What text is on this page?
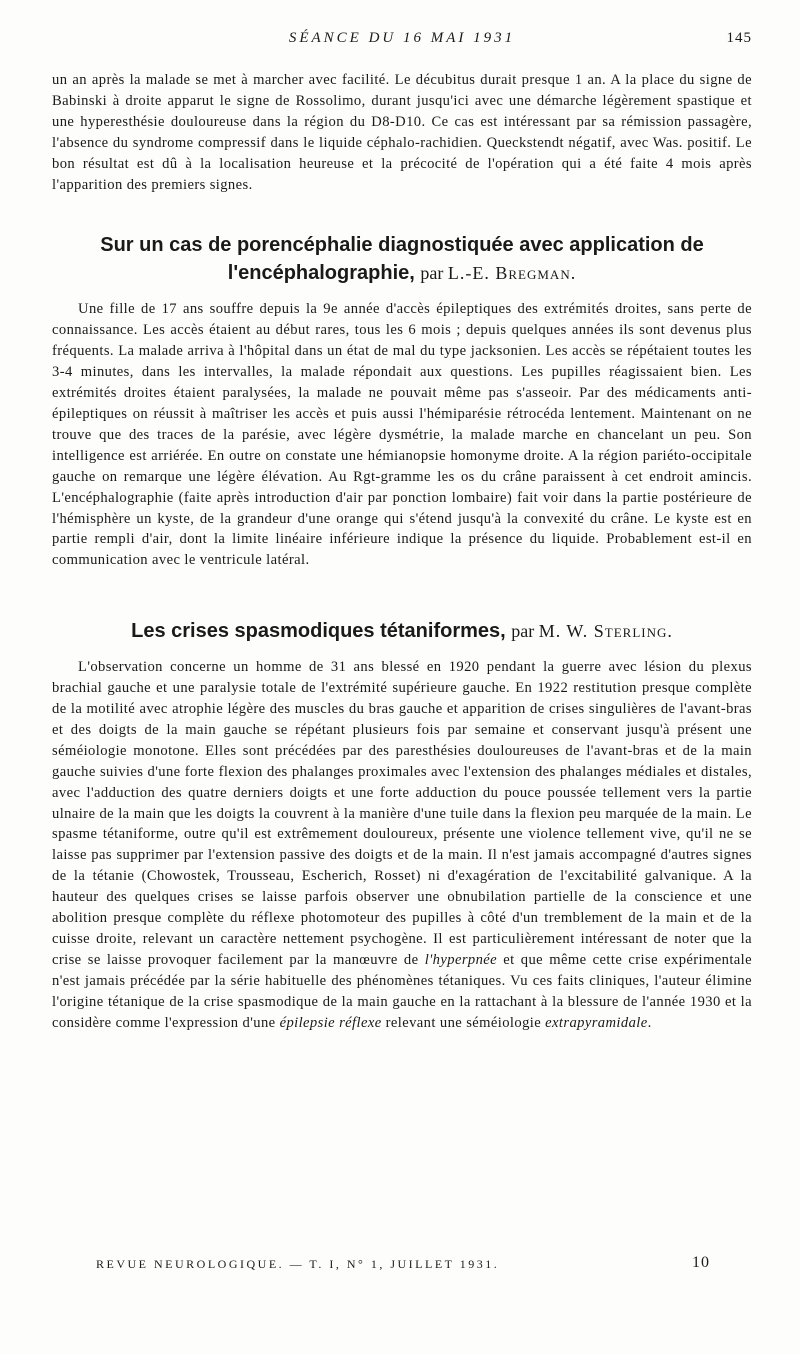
SÉANCE DU 16 MAI 1931	145

un an après la malade se met à marcher avec facilité. Le décubitus durait presque 1 an. A la place du signe de Babinski à droite apparut le signe de Rossolimo, durant jusqu'ici avec une démarche légèrement spastique et une hyperesthésie douloureuse dans la région du D8-D10. Ce cas est intéressant par sa rémission passagère, l'absence du syndrome compressif dans le liquide céphalo-rachidien. Queckstendt négatif, avec Was. positif. Le bon résultat est dû à la localisation heureuse et la précocité de l'opération qui a été faite 4 mois après l'apparition des premiers signes.

Sur un cas de porencéphalie diagnostiquée avec application de l'encéphalographie, par L.-E. Bregman.

Une fille de 17 ans souffre depuis la 9e année d'accès épileptiques des extrémités droites, sans perte de connaissance. Les accès étaient au début rares, tous les 6 mois ; depuis quelques années ils sont devenus plus fréquents. La malade arriva à l'hôpital dans un état de mal du type jacksonien. Les accès se répétaient toutes les 3-4 minutes, dans les intervalles, la malade répondait aux questions. Les pupilles réagissaient bien. Les extrémités droites étaient paralysées, la malade ne pouvait même pas s'asseoir. Par des médicaments anti-épileptiques on réussit à maîtriser les accès et puis aussi l'hémiparésie rétrocéda lentement. Maintenant on ne trouve que des traces de la parésie, avec légère dysmétrie, la malade marche en chancelant un peu. Son intelligence est arriérée. En outre on constate une hémianopsie homonyme droite. A la région pariéto-occipitale gauche on remarque une légère élévation. Au Rgt-gramme les os du crâne paraissent à cet endroit amincis. L'encéphalographie (faite après introduction d'air par ponction lombaire) fait voir dans la partie postérieure de l'hémisphère un kyste, de la grandeur d'une orange qui s'étend jusqu'à la convexité du crâne. Le kyste est en partie rempli d'air, dont la limite linéaire inférieure indique la présence du liquide. Probablement est-il en communication avec le ventricule latéral.

Les crises spasmodiques tétaniformes, par M. W. Sterling.

L'observation concerne un homme de 31 ans blessé en 1920 pendant la guerre avec lésion du plexus brachial gauche et une paralysie totale de l'extrémité supérieure gauche. En 1922 restitution presque complète de la motilité avec atrophie légère des muscles du bras gauche et apparition de crises singulières de l'avant-bras et des doigts de la main gauche se répétant plusieurs fois par semaine et conservant jusqu'à présent une séméiologie monotone. Elles sont précédées par des paresthésies douloureuses de l'avant-bras et de la main gauche suivies d'une forte flexion des phalanges proximales avec l'extension des phalanges médiales et distales, avec l'adduction des quatre derniers doigts et une forte adduction du pouce poussée tellement vers la partie ulnaire de la main que les doigts la couvrent à la manière d'une tuile dans la flexion peu marquée de la main. Le spasme tétaniforme, outre qu'il est extrêmement douloureux, présente une violence tellement vive, qu'il ne se laisse pas supprimer par l'extension passive des doigts et de la main. Il n'est jamais accompagné d'autres signes de la tétanie (Chowostek, Trousseau, Escherich, Rosset) ni d'exagération de l'excitabilité galvanique. A la hauteur des quelques crises se laisse parfois observer une obnubilation partielle de la conscience et une abolition presque complète du réflexe photomoteur des pupilles à côté d'un tremblement de la main et de la cuisse droite, relevant un caractère nettement psychogène. Il est particulièrement intéressant de noter que la crise se laisse provoquer facilement par la manœuvre de l'hyperpnée et que même cette crise expérimentale n'est jamais précédée par la série habituelle des phénomènes tétaniques. Vu ces faits cliniques, l'auteur élimine l'origine tétanique de la crise spasmodique de la main gauche en la rattachant à la blessure de l'année 1930 et la considère comme l'expression d'une épilepsie réflexe relevant une séméiologie extrapyramidale.

REVUE NEUROLOGIQUE. — T. I, N° 1, JUILLET 1931.	10
